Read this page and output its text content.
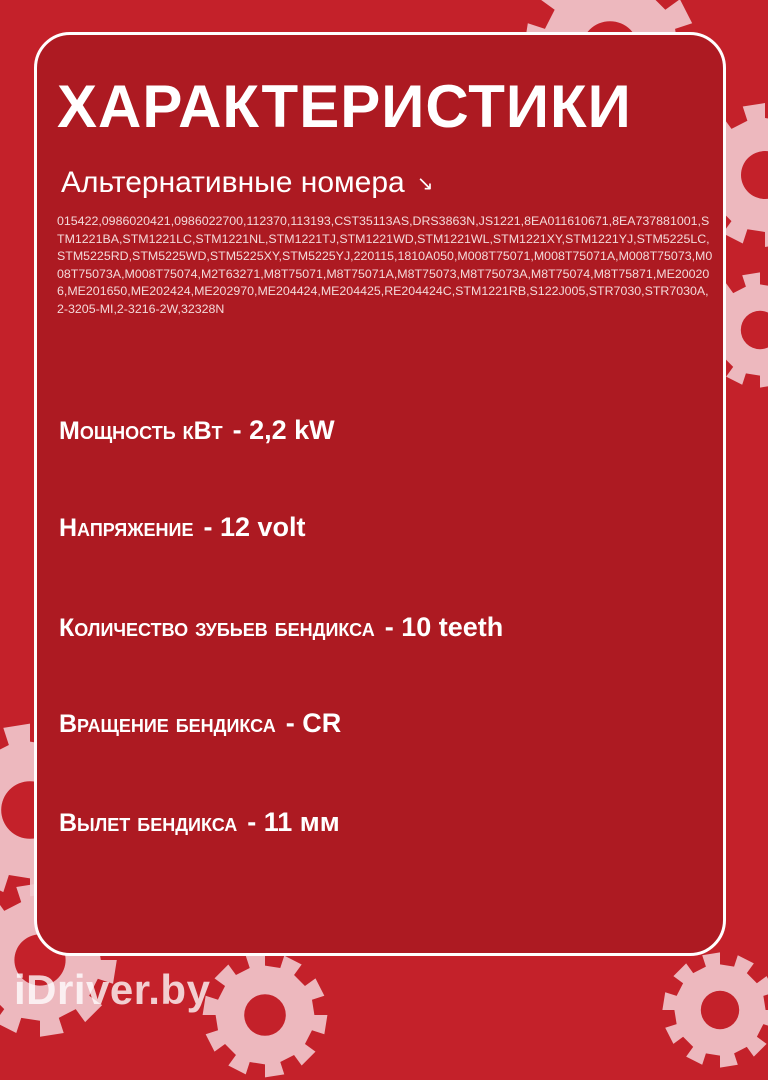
ХАРАКТЕРИСТИКИ
Альтернативные номера ↘
015422,0986020421,0986022700,112370,113193,CST35113AS,DRS3863N,JS1221,8EA011610671,8EA737881001,STM1221BA,STM1221LC,STM1221NL,STM1221TJ,STM1221WD,STM1221WL,STM1221XY,STM1221YJ,STM5225LC,STM5225RD,STM5225WD,STM5225XY,STM5225YJ,220115,1810A050,M008T75071,M008T75071A,M008T75073,M008T75073A,M008T75074,M2T63271,M8T75071,M8T75071A,M8T75073,M8T75073A,M8T75074,M8T75871,ME200206,ME201650,ME202424,ME202970,ME204424,ME204425,RE204424C,STM1221RB,S122J005,STR7030,STR7030A,2-3205-MI,2-3216-2W,32328N
Мощность кВт - 2,2 kW
Напряжение - 12 volt
Количество зубьев бендикса - 10 teeth
Вращение бендикса - CR
Вылет бендикса - 11 мм
iDriver.by
